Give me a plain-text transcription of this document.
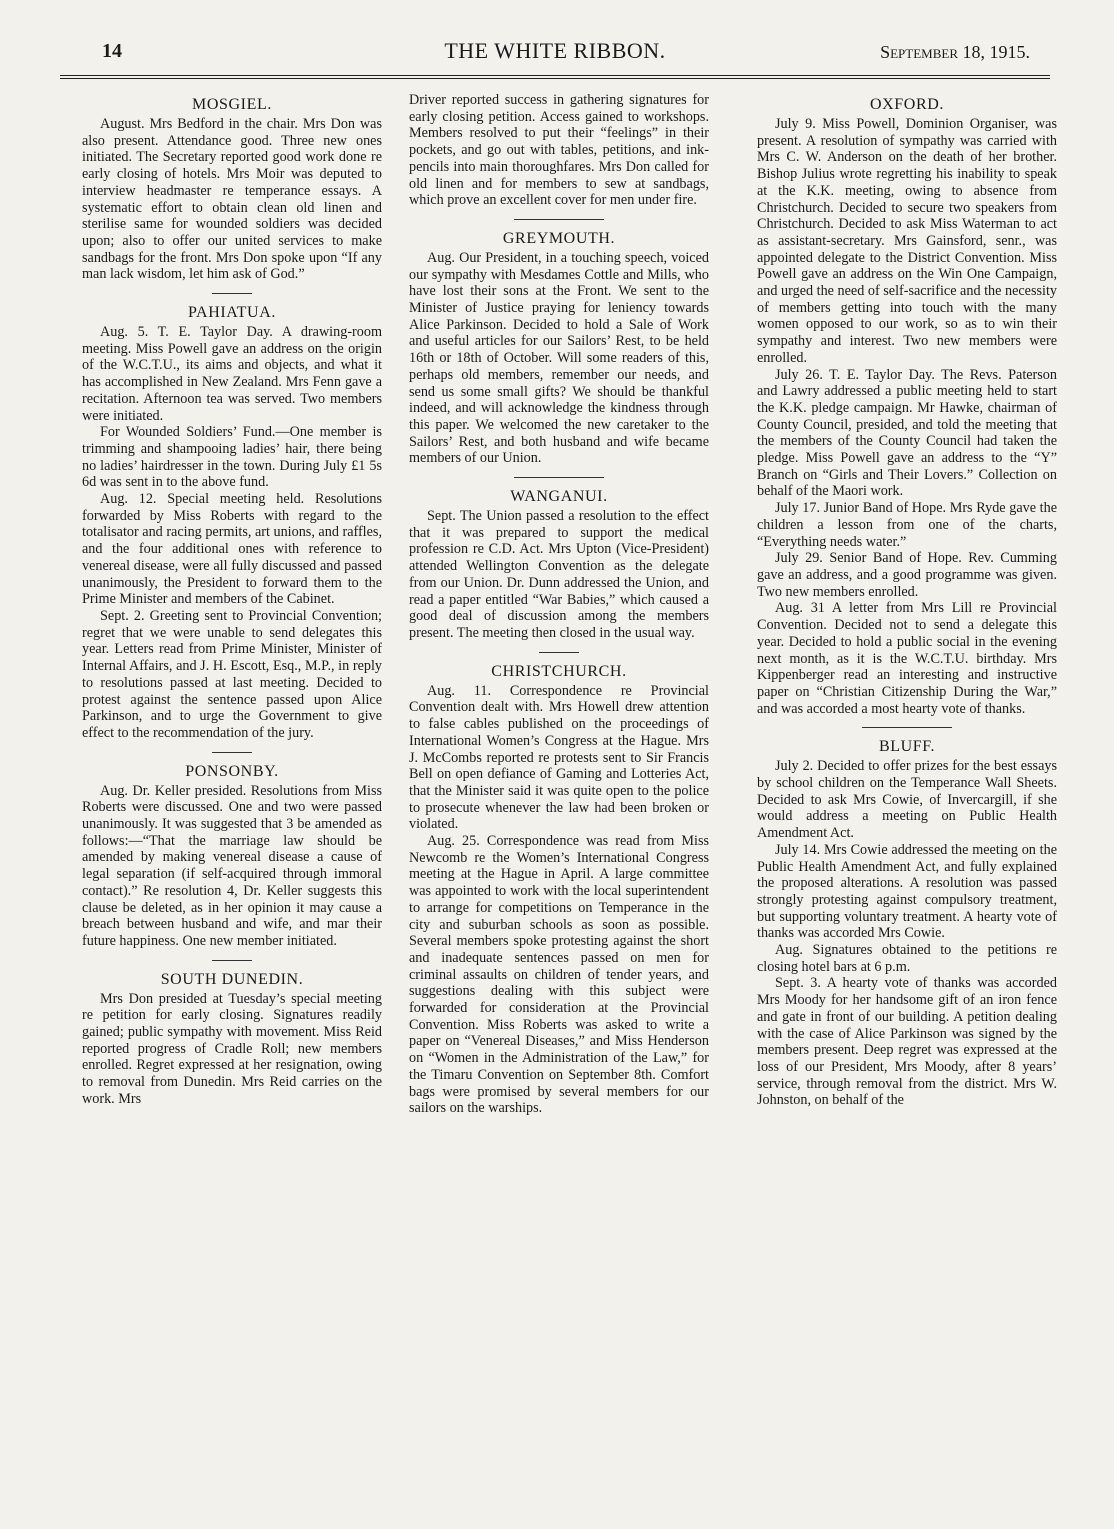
14	THE WHITE RIBBON.	September 18, 1915.
MOSGIEL.

August. Mrs Bedford in the chair. Mrs Don was also present. Attendance good. Three new ones initiated. The Secretary reported good work done re early closing of hotels. Mrs Moir was deputed to interview headmaster re temperance essays. A systematic effort to obtain clean old linen and sterilise same for wounded soldiers was decided upon; also to offer our united services to make sandbags for the front. Mrs Don spoke upon “If any man lack wisdom, let him ask of God.”

PAHIATUA.

Aug. 5. T. E. Taylor Day. A drawing-room meeting. Miss Powell gave an address on the origin of the W.C.T.U., its aims and objects, and what it has accomplished in New Zealand. Mrs Fenn gave a recitation. Afternoon tea was served. Two members were initiated.

For Wounded Soldiers’ Fund.—One member is trimming and shampooing ladies’ hair, there being no ladies’ hairdresser in the town. During July £1 5s 6d was sent in to the above fund.

Aug. 12. Special meeting held. Resolutions forwarded by Miss Roberts with regard to the totalisator and racing permits, art unions, and raffles, and the four additional ones with reference to venereal disease, were all fully discussed and passed unanimously, the President to forward them to the Prime Minister and members of the Cabinet.

Sept. 2. Greeting sent to Provincial Convention; regret that we were unable to send delegates this year. Letters read from Prime Minister, Minister of Internal Affairs, and J. H. Escott, Esq., M.P., in reply to resolutions passed at last meeting. Decided to protest against the sentence passed upon Alice Parkinson, and to urge the Government to give effect to the recommendation of the jury.

PONSONBY.

Aug. Dr. Keller presided. Resolutions from Miss Roberts were discussed. One and two were passed unanimously. It was suggested that 3 be amended as follows:—“That the marriage law should be amended by making venereal disease a cause of legal separation (if self-acquired through immoral contact).” Re resolution 4, Dr. Keller suggests this clause be deleted, as in her opinion it may cause a breach between husband and wife, and mar their future happiness. One new member initiated.

SOUTH DUNEDIN.

Mrs Don presided at Tuesday’s special meeting re petition for early closing. Signatures readily gained; public sympathy with movement. Miss Reid reported progress of Cradle Roll; new members enrolled. Regret expressed at her resignation, owing to removal from Dunedin. Mrs Reid carries on the work. Mrs

Driver reported success in gathering signatures for early closing petition. Access gained to workshops. Members resolved to put their “feelings” in their pockets, and go out with tables, petitions, and ink-pencils into main thoroughfares. Mrs Don called for old linen and for members to sew at sandbags, which prove an excellent cover for men under fire.

GREYMOUTH.

Aug. Our President, in a touching speech, voiced our sympathy with Mesdames Cottle and Mills, who have lost their sons at the Front. We sent to the Minister of Justice praying for leniency towards Alice Parkinson. Decided to hold a Sale of Work and useful articles for our Sailors’ Rest, to be held 16th or 18th of October. Will some readers of this, perhaps old members, remember our needs, and send us some small gifts? We should be thankful indeed, and will acknowledge the kindness through this paper. We welcomed the new caretaker to the Sailors’ Rest, and both husband and wife became members of our Union.

WANGANUI.

Sept. The Union passed a resolution to the effect that it was prepared to support the medical profession re C.D. Act. Mrs Upton (Vice-President) attended Wellington Convention as the delegate from our Union. Dr. Dunn addressed the Union, and read a paper entitled “War Babies,” which caused a good deal of discussion among the members present. The meeting then closed in the usual way.

CHRISTCHURCH.

Aug. 11. Correspondence re Provincial Convention dealt with. Mrs Howell drew attention to false cables published on the proceedings of International Women’s Congress at the Hague. Mrs J. McCombs reported re protests sent to Sir Francis Bell on open defiance of Gaming and Lotteries Act, that the Minister said it was quite open to the police to prosecute whenever the law had been broken or violated.

Aug. 25. Correspondence was read from Miss Newcomb re the Women’s International Congress meeting at the Hague in April. A large committee was appointed to work with the local superintendent to arrange for competitions on Temperance in the city and suburban schools as soon as possible. Several members spoke protesting against the short and inadequate sentences passed on men for criminal assaults on children of tender years, and suggestions dealing with this subject were forwarded for consideration at the Provincial Convention. Miss Roberts was asked to write a paper on “Venereal Diseases,” and Miss Henderson on “Women in the Administration of the Law,” for the Timaru Convention on September 8th. Comfort bags were promised by several members for our sailors on the warships.

OXFORD.

July 9. Miss Powell, Dominion Organiser, was present. A resolution of sympathy was carried with Mrs C. W. Anderson on the death of her brother. Bishop Julius wrote regretting his inability to speak at the K.K. meeting, owing to absence from Christchurch. Decided to secure two speakers from Christchurch. Decided to ask Miss Waterman to act as assistant-secretary. Mrs Gainsford, senr., was appointed delegate to the District Convention. Miss Powell gave an address on the Win One Campaign, and urged the need of self-sacrifice and the necessity of members getting into touch with the many women opposed to our work, so as to win their sympathy and interest. Two new members were enrolled.

July 26. T. E. Taylor Day. The Revs. Paterson and Lawry addressed a public meeting held to start the K.K. pledge campaign. Mr Hawke, chairman of County Council, presided, and told the meeting that the members of the County Council had taken the pledge. Miss Powell gave an address to the “Y” Branch on “Girls and Their Lovers.” Collection on behalf of the Maori work.

July 17. Junior Band of Hope. Mrs Ryde gave the children a lesson from one of the charts, “Everything needs water.”

July 29. Senior Band of Hope. Rev. Cumming gave an address, and a good programme was given. Two new members enrolled.

Aug. 31 A letter from Mrs Lill re Provincial Convention. Decided not to send a delegate this year. Decided to hold a public social in the evening next month, as it is the W.C.T.U. birthday. Mrs Kippenberger read an interesting and instructive paper on “Christian Citizenship During the War,” and was accorded a most hearty vote of thanks.

BLUFF.

July 2. Decided to offer prizes for the best essays by school children on the Temperance Wall Sheets. Decided to ask Mrs Cowie, of Invercargill, if she would address a meeting on Public Health Amendment Act.

July 14. Mrs Cowie addressed the meeting on the Public Health Amendment Act, and fully explained the proposed alterations. A resolution was passed strongly protesting against compulsory treatment, but supporting voluntary treatment. A hearty vote of thanks was accorded Mrs Cowie.

Aug. Signatures obtained to the petitions re closing hotel bars at 6 p.m.

Sept. 3. A hearty vote of thanks was accorded Mrs Moody for her handsome gift of an iron fence and gate in front of our building. A petition dealing with the case of Alice Parkinson was signed by the members present. Deep regret was expressed at the loss of our President, Mrs Moody, after 8 years’ service, through removal from the district. Mrs W. Johnston, on behalf of the
